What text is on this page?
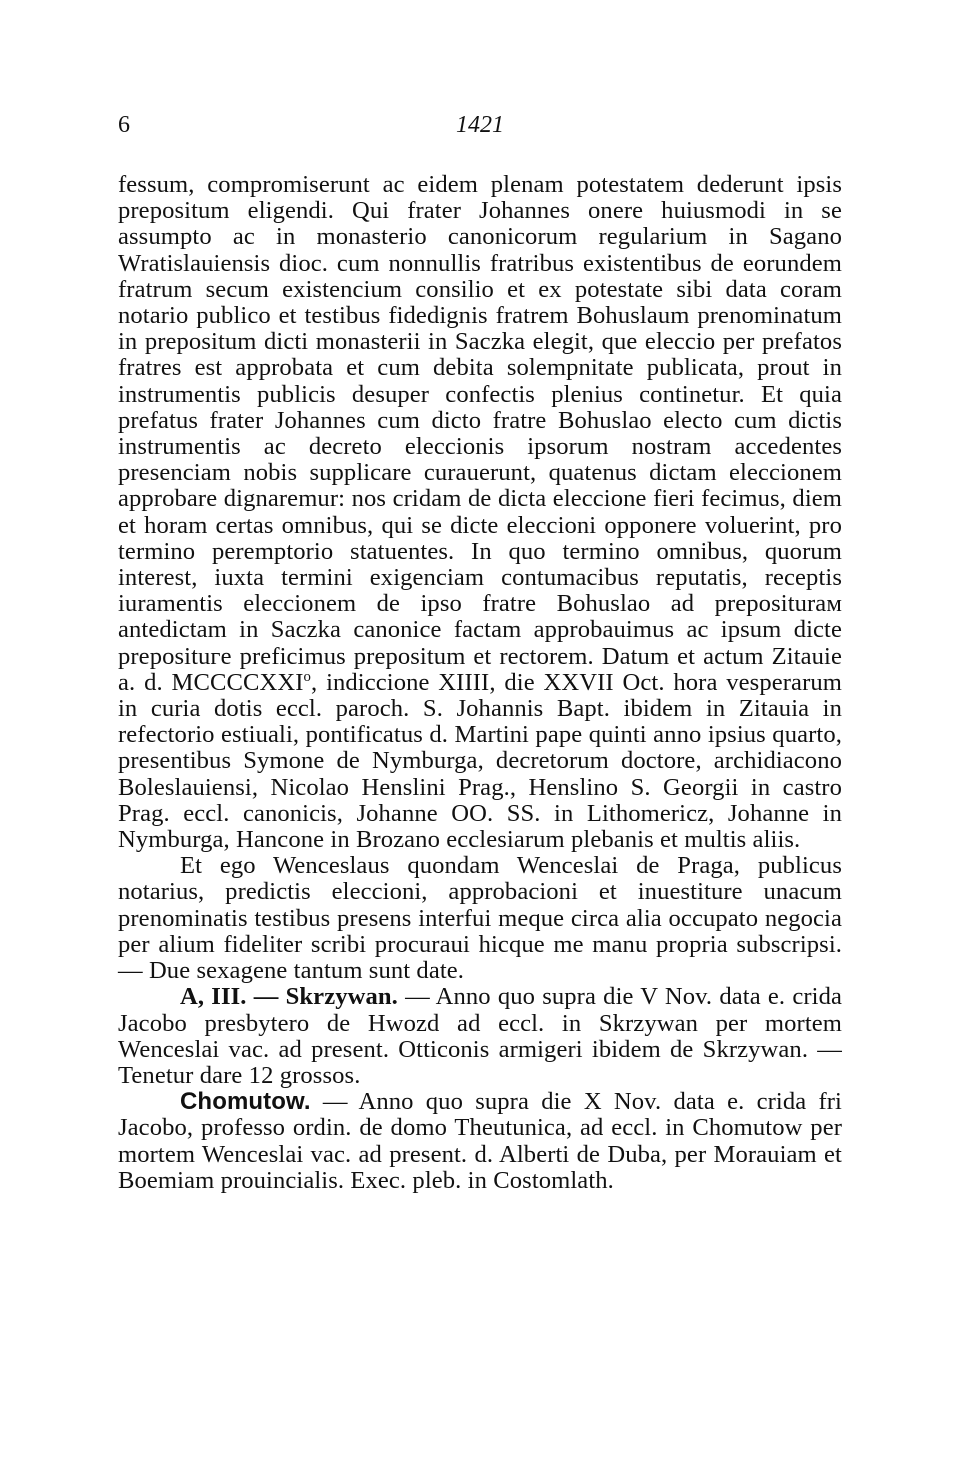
6	1421

fessum, compromiserunt ac eidem plenam potestatem dederunt ipsis prepositum eligendi. Qui frater Johannes onere huiusmodi in se assumpto ac in monasterio canonicorum regularium in Sagano Wratislauiensis dioc. cum nonnullis fratribus existentibus de eorundem fratrum secum existencium consilio et ex potestate sibi data coram notario publico et testibus fidedignis fratrem Bohuslaum prenominatum in prepositum dicti monasterii in Saczka elegit, que eleccio per prefatos fratres est approbata et cum debita solempnitate publicata, prout in instrumentis publicis desuper confectis plenius continetur. Et quia prefatus frater Johannes cum dicto fratre Bohuslao electo cum dictis instrumentis ac decreto eleccionis ipsorum nostram accedentes presenciam nobis supplicare curauerunt, quatenus dictam eleccionem approbare dignaremur: nos cridam de dicta eleccione fieri fecimus, diem et horam certas omnibus, qui se dicte eleccioni opponere voluerint, pro termino peremptorio statuentes. In quo termino omnibus, quorum interest, iuxta termini exigenciam contumacibus reputatis, receptis iuramentis eleccionem de ipso fratre Bohuslao ad prepositurам antedictam in Saczka canonice factam approbauimus ac ipsum dicte preposituгe preficimus prepositum et rectorem. Datum et actum Zitauie a. d. MCCCCXXI$^o$, indiccione XIIII, die XXVII Oct. hora vesperarum in curia dotis eccl. paroch. S. Johannis Bapt. ibidem in Zitauia in refectorio estiuali, pontificatus d. Martini pape quinti anno ipsius quarto, presentibus Symone de Nymburga, decretorum doctore, archidiacono Boleslauiensi, Nicolao Henslini Prag., Henslino S. Georgii in castro Prag. eccl. canonicis, Johanne OO. SS. in Lithomericz, Johanne in Nymburga, Hancone in Brozano ecclesiarum plebanis et multis aliis.

Et ego Wenceslaus quondam Wenceslai de Praga, publicus notarius, predictis eleccioni, approbacioni et inuestiture unacum prenominatis testibus presens interfui meque circa alia occupato negocia per alium fideliter scribi procuraui hicque me manu propria subscripsi. — Due sexagene tantum sunt date.

A, III. — Skrzywan. — Anno quo supra die V Nov. data e. crida Jacobo presbytero de Hwozd ad eccl. in Skrzywan per mortem Wenceslai vac. ad present. Otticonis armigeri ibidem de Skrzywan. — Tenetur dare 12 grossos.

Chomutow. — Anno quo supra die X Nov. data e. crida fri Jacobo, professo ordin. de domo Theutunica, ad eccl. in Chomutow per mortem Wenceslai vac. ad present. d. Alberti de Duba, per Morauiam et Boemiam prouincialis. Exec. pleb. in Costomlath.
